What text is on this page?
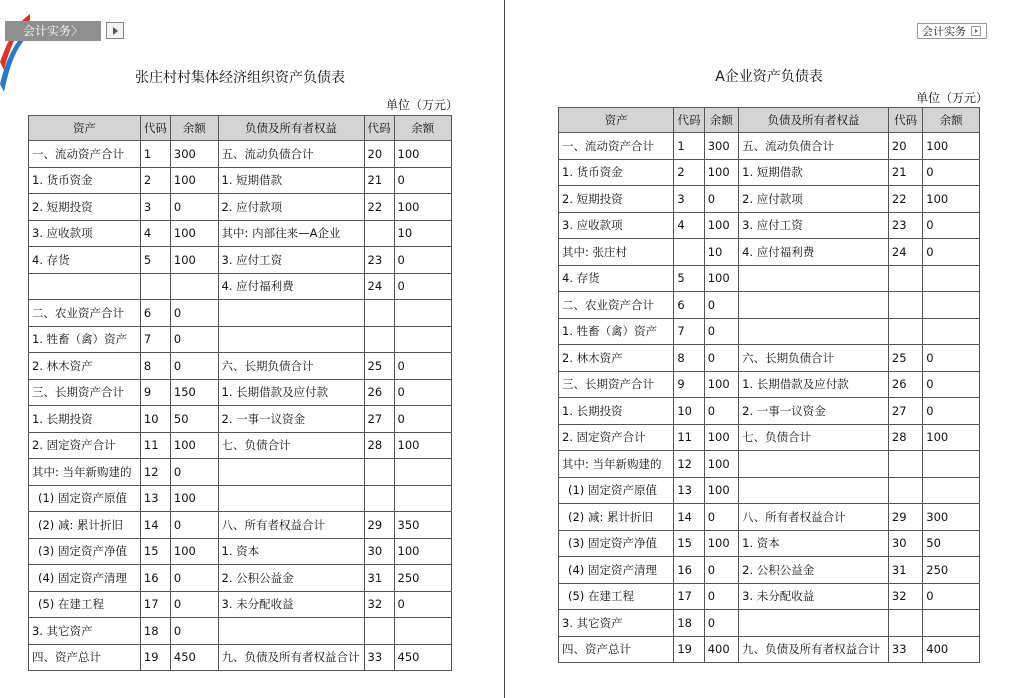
会计实务〉
张庄村村集体经济组织资产负债表
单位（万元）
资产	代码	余额	负债及所有者权益	代码	余额
一、流动资产合计	1	300	五、流动负债合计	20	100
1. 货币资金	2	100	1. 短期借款	21	0
2. 短期投资	3	0	2. 应付款项	22	100
3. 应收款项	4	100	其中: 内部往来—A企业		10
4. 存货	5	100	3. 应付工资	23	0
			4. 应付福利费	24	0
二、农业资产合计	6	0			
1. 牲畜（禽）资产	7	0			
2. 林木资产	8	0	六、长期负债合计	25	0
三、长期资产合计	9	150	1. 长期借款及应付款	26	0
1. 长期投资	10	50	2. 一事一议资金	27	0
2. 固定资产合计	11	100	七、负债合计	28	100
其中: 当年新购建的	12	0			
(1) 固定资产原值	13	100			
(2) 减: 累计折旧	14	0	八、所有者权益合计	29	350
(3) 固定资产净值	15	100	1. 资本	30	100
(4) 固定资产清理	16	0	2. 公积公益金	31	250
(5) 在建工程	17	0	3. 未分配收益	32	0
3. 其它资产	18	0			
四、资产总计	19	450	九、负债及所有者权益合计	33	450
会计实务
A企业资产负债表
单位（万元）
资产	代码	余额	负债及所有者权益	代码	余额
一、流动资产合计	1	300	五、流动负债合计	20	100
1. 货币资金	2	100	1. 短期借款	21	0
2. 短期投资	3	0	2. 应付款项	22	100
3. 应收款项	4	100	3. 应付工资	23	0
其中: 张庄村		10	4. 应付福利费	24	0
4. 存货	5	100			
二、农业资产合计	6	0			
1. 牲畜（禽）资产	7	0			
2. 林木资产	8	0	六、长期负债合计	25	0
三、长期资产合计	9	100	1. 长期借款及应付款	26	0
1. 长期投资	10	0	2. 一事一议资金	27	0
2. 固定资产合计	11	100	七、负债合计	28	100
其中: 当年新购建的	12	100			
(1) 固定资产原值	13	100			
(2) 减: 累计折旧	14	0	八、所有者权益合计	29	300
(3) 固定资产净值	15	100	1. 资本	30	50
(4) 固定资产清理	16	0	2. 公积公益金	31	250
(5) 在建工程	17	0	3. 未分配收益	32	0
3. 其它资产	18	0			
四、资产总计	19	400	九、负债及所有者权益合计	33	400
